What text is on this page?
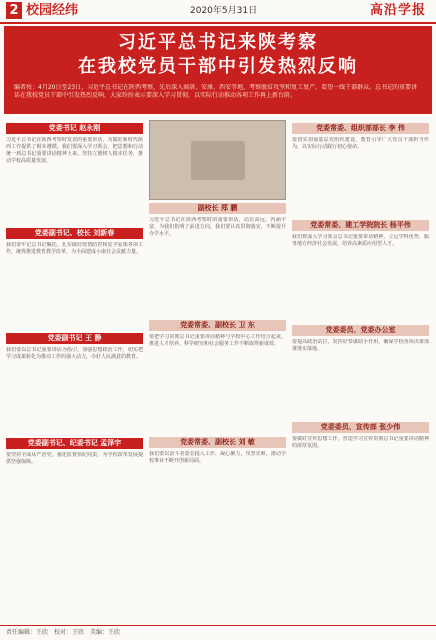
2 校园经纬	2020年5月31日	高沿学报
习近平总书记来陕考察
在我校党员干部中引发热烈反响
编者按：4月20日至23日，习近平总书记在陕西考察，先后深入商洛、安康、西安等地，考察脱贫攻坚和复工复产，看望一线干部群众。总书记的重要讲话在我校党员干部中引发热烈反响，大家纷纷表示要深入学习贯彻，以实际行动推动各项工作再上新台阶。
党委书记 赵永刚
习近平总书记在陕西考察时发表的重要讲话，为做好新时代陕西工作提供了根本遵循。我们要深入学习领会，把思想和行动统一到总书记重要讲话精神上来，坚持立德树人根本任务，推动学校高质量发展。
党委副书记、校长 刘新春
我们要牢记总书记嘱托，扎实做好疫情防控和复学复课各项工作，统筹推进教育教学改革，为全面建成小康社会贡献力量。
党委副书记 王 静
我们要以总书记重要讲话为指引，加强思想政治工作，切实把学习成果转化为推动工作的强大动力，办好人民满意的教育。
党委副书记、纪委书记 孟泽宇
要坚持全面从严治党，强化监督执纪问责，为学校改革发展提供坚强保障。
副校长 郑 鹏
习近平总书记在陕西考察时的重要讲话，站位高远，内涵丰富，为我们指明了前进方向。我们要认真贯彻落实，不断提升办学水平。
党委常委、副校长 卫 东
要把学习贯彻总书记重要讲话精神与学校中心工作结合起来，推进人才培养、科学研究和社会服务工作不断取得新成效。
党委常委、副校长 刘 敏
我们要以奋斗者姿态投入工作，凝心聚力，攻坚克难，推动学校事业不断开创新局面。
党委常委、组织部部长 李 伟
要切实加强基层党组织建设，教育引导广大党员干部担当作为，以实际行动践行初心使命。
党委常委、建工学院院长 杨平伟
我们将深入学习领会总书记重要讲话精神，立足学科优势，服务地方经济社会发展，培养高素质应用型人才。
党委委员、党委办公室
要提高政治站位，发挥好参谋助手作用，确保学校各项决策部署落实落地。
党委委员、宣传部 张少伟
要做好宣传思想工作，营造学习宣传贯彻总书记重要讲话精神的浓厚氛围。
责任编辑：王欣　校对：王欣　美编：王欣
